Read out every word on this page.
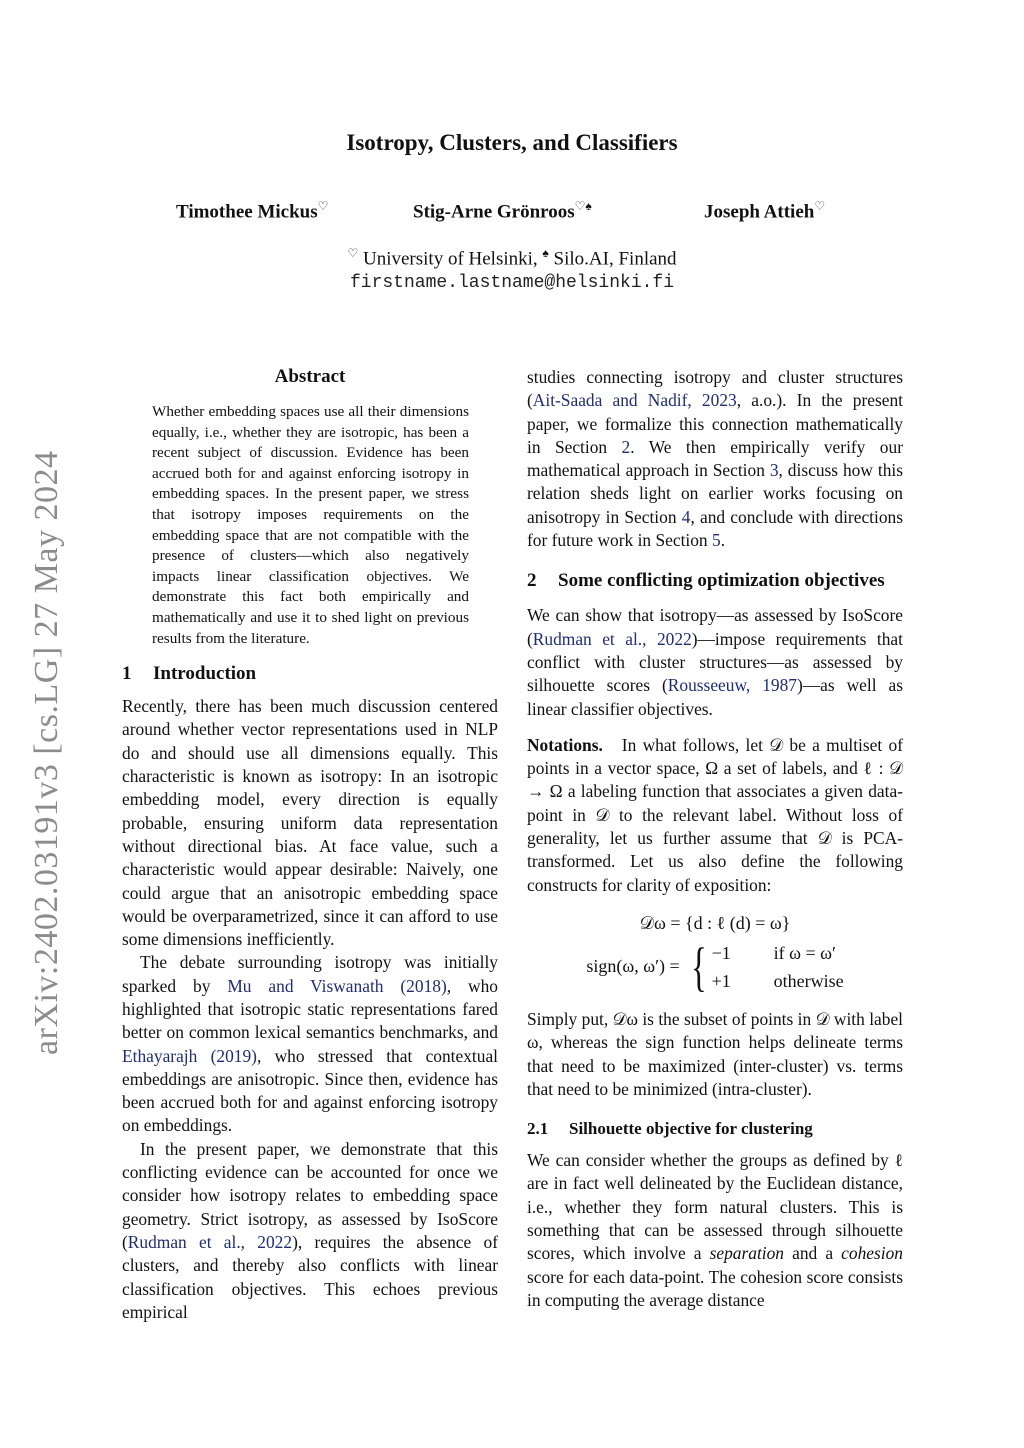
arXiv:2402.03191v3 [cs.LG] 27 May 2024
Isotropy, Clusters, and Classifiers
Timothee Mickus♡	Stig-Arne Grönroos♡♠	Joseph Attieh♡
♡ University of Helsinki, ♠ Silo.AI, Finland
firstname.lastname@helsinki.fi
Abstract
Whether embedding spaces use all their dimensions equally, i.e., whether they are isotropic, has been a recent subject of discussion. Evidence has been accrued both for and against enforcing isotropy in embedding spaces. In the present paper, we stress that isotropy imposes requirements on the embedding space that are not compatible with the presence of clusters—which also negatively impacts linear classification objectives. We demonstrate this fact both empirically and mathematically and use it to shed light on previous results from the literature.
1 Introduction

Recently, there has been much discussion centered around whether vector representations used in NLP do and should use all dimensions equally. This characteristic is known as isotropy: In an isotropic embedding model, every direction is equally probable, ensuring uniform data representation without directional bias. At face value, such a characteristic would appear desirable: Naively, one could argue that an anisotropic embedding space would be overparametrized, since it can afford to use some dimensions inefficiently.

The debate surrounding isotropy was initially sparked by Mu and Viswanath (2018), who highlighted that isotropic static representations fared better on common lexical semantics benchmarks, and Ethayarajh (2019), who stressed that contextual embeddings are anisotropic. Since then, evidence has been accrued both for and against enforcing isotropy on embeddings.

In the present paper, we demonstrate that this conflicting evidence can be accounted for once we consider how isotropy relates to embedding space geometry. Strict isotropy, as assessed by IsoScore (Rudman et al., 2022), requires the absence of clusters, and thereby also conflicts with linear classification objectives. This echoes previous empirical

studies connecting isotropy and cluster structures (Ait-Saada and Nadif, 2023, a.o.). In the present paper, we formalize this connection mathematically in Section 2. We then empirically verify our mathematical approach in Section 3, discuss how this relation sheds light on earlier works focusing on anisotropy in Section 4, and conclude with directions for future work in Section 5.

2 Some conflicting optimization objectives

We can show that isotropy—as assessed by IsoScore (Rudman et al., 2022)—impose requirements that conflict with cluster structures—as assessed by silhouette scores (Rousseeuw, 1987)—as well as linear classifier objectives.

Notations. In what follows, let 𝒟 be a multiset of points in a vector space, Ω a set of labels, and ℓ : 𝒟 → Ω a labeling function that associates a given data-point in 𝒟 to the relevant label. Without loss of generality, let us further assume that 𝒟 is PCA-transformed. Let us also define the following constructs for clarity of exposition:

𝒟ω = {d : ℓ (d) = ω}
sign(ω, ω′) = { −1	if ω = ω′
+1	otherwise

Simply put, 𝒟ω is the subset of points in 𝒟 with label ω, whereas the sign function helps delineate terms that need to be maximized (inter-cluster) vs. terms that need to be minimized (intra-cluster).

2.1 Silhouette objective for clustering

We can consider whether the groups as defined by ℓ are in fact well delineated by the Euclidean distance, i.e., whether they form natural clusters. This is something that can be assessed through silhouette scores, which involve a separation and a cohesion score for each data-point. The cohesion score consists in computing the average distance
